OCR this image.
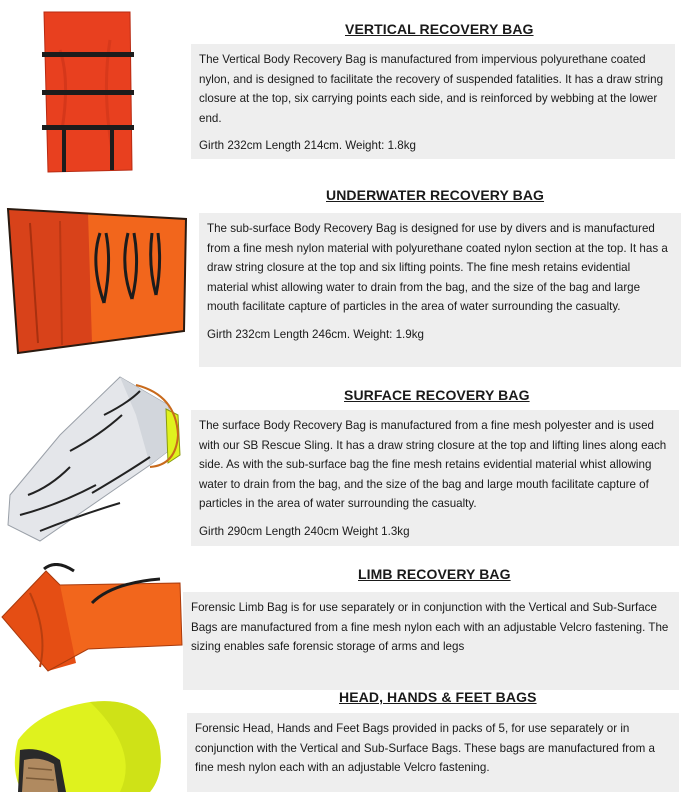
VERTICAL RECOVERY BAG

The Vertical Body Recovery Bag is manufactured from impervious polyurethane coated nylon, and is designed to facilitate the recovery of suspended fatalities. It has a draw string closure at the top, six carrying points each side, and is reinforced by webbing at the lower end.

Girth 232cm Length 214cm. Weight: 1.8kg

UNDERWATER RECOVERY BAG

The sub-surface Body Recovery Bag is designed for use by divers and is manufactured from a fine mesh nylon material with polyurethane coated nylon section at the top. It has a draw string closure at the top and six lifting points. The fine mesh retains evidential material whist allowing water to drain from the bag, and the size of the bag and large mouth facilitate capture of particles in the area of water surrounding the casualty.

Girth 232cm Length 246cm. Weight: 1.9kg

SURFACE RECOVERY BAG

The surface Body Recovery Bag is manufactured from a fine mesh polyester and is used with our SB Rescue Sling. It has a draw string closure at the top and lifting lines along each side. As with the sub-surface bag the fine mesh retains evidential material whist allowing water to drain from the bag, and the size of the bag and large mouth facilitate capture of particles in the area of water surrounding the casualty.

Girth 290cm Length 240cm Weight 1.3kg

LIMB RECOVERY BAG

Forensic Limb Bag is for use separately or in conjunction with the Vertical and Sub-Surface Bags are manufactured from a fine mesh nylon each with an adjustable Velcro fastening. The sizing enables safe forensic storage of arms and legs

HEAD, HANDS & FEET BAGS

Forensic Head, Hands and Feet Bags provided in packs of 5, for use separately or in conjunction with the Vertical and Sub-Surface Bags. These bags are manufactured from a fine mesh nylon each with an adjustable Velcro fastening.
